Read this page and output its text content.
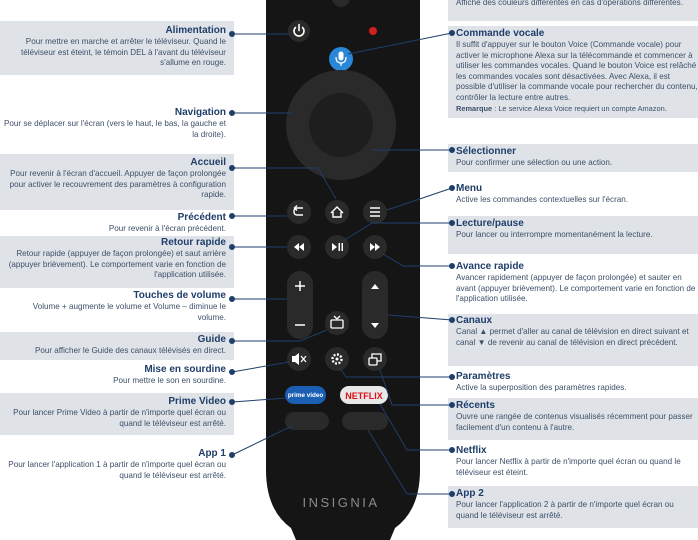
Alimentation
Pour mettre en marche et arrêter le téléviseur. Quand le téléviseur est éteint, le témoin DEL à l'avant du téléviseur s'allume en rouge.
Navigation
Pour se déplacer sur l'écran (vers le haut, le bas, la gauche et la droite).
Accueil
Pour revenir à l'écran d'accueil. Appuyer de façon prolongée pour activer le recouvrement des paramètres à configuration rapide.
Précédent
Pour revenir à l'écran précédent.
Retour rapide
Retour rapide (appuyer de façon prolongée) et saut arrière (appuyer brièvement). Le comportement varie en fonction de l'application utilisée.
Touches de volume
Volume + augmente le volume et Volume – diminue le volume.
Guide
Pour afficher le Guide des canaux télévisés en direct.
Mise en sourdine
Pour mettre le son en sourdine.
Prime Video
Pour lancer Prime Video à partir de n'importe quel écran ou quand le téléviseur est arrêté.
App 1
Pour lancer l'application 1 à partir de n'importe quel écran ou quand le téléviseur est arrêté.
Affiche des couleurs différentes en cas d'opérations différentes.
Commande vocale
Il suffit d'appuyer sur le bouton Voice (Commande vocale) pour activer le microphone Alexa sur la télécommande et commencer à utiliser les commandes vocales. Quand le bouton Voice est relâché les commandes vocales sont désactivées. Avec Alexa, il est possible d'utiliser la commande vocale pour rechercher du contenu, contrôler la lecture entre autres.
Remarque : Le service Alexa Voice requiert un compte Amazon.
Sélectionner
Pour confirmer une sélection ou une action.
Menu
Active les commandes contextuelles sur l'écran.
Lecture/pause
Pour lancer ou interrompre momentanément la lecture.
Avance rapide
Avancer rapidement (appuyer de façon prolongée) et sauter en avant (appuyer brièvement). Le comportement varie en fonction de l'application utilisée.
Canaux
Canal ▲ permet d'aller au canal de télévision en direct suivant et canal ▼ de revenir au canal de télévision en direct précédent.
Paramètres
Active la superposition des paramètres rapides.
Récents
Ouvre une rangée de contenus visualisés récemment pour passer facilement d'un contenu à l'autre.
Netflix
Pour lancer Netflix à partir de n'importe quel écran ou quand le téléviseur est éteint.
App 2
Pour lancer l'application 2 à partir de n'importe quel écran ou quand le téléviseur est arrêté.
prime video NETFLIX
INSIGNIA
